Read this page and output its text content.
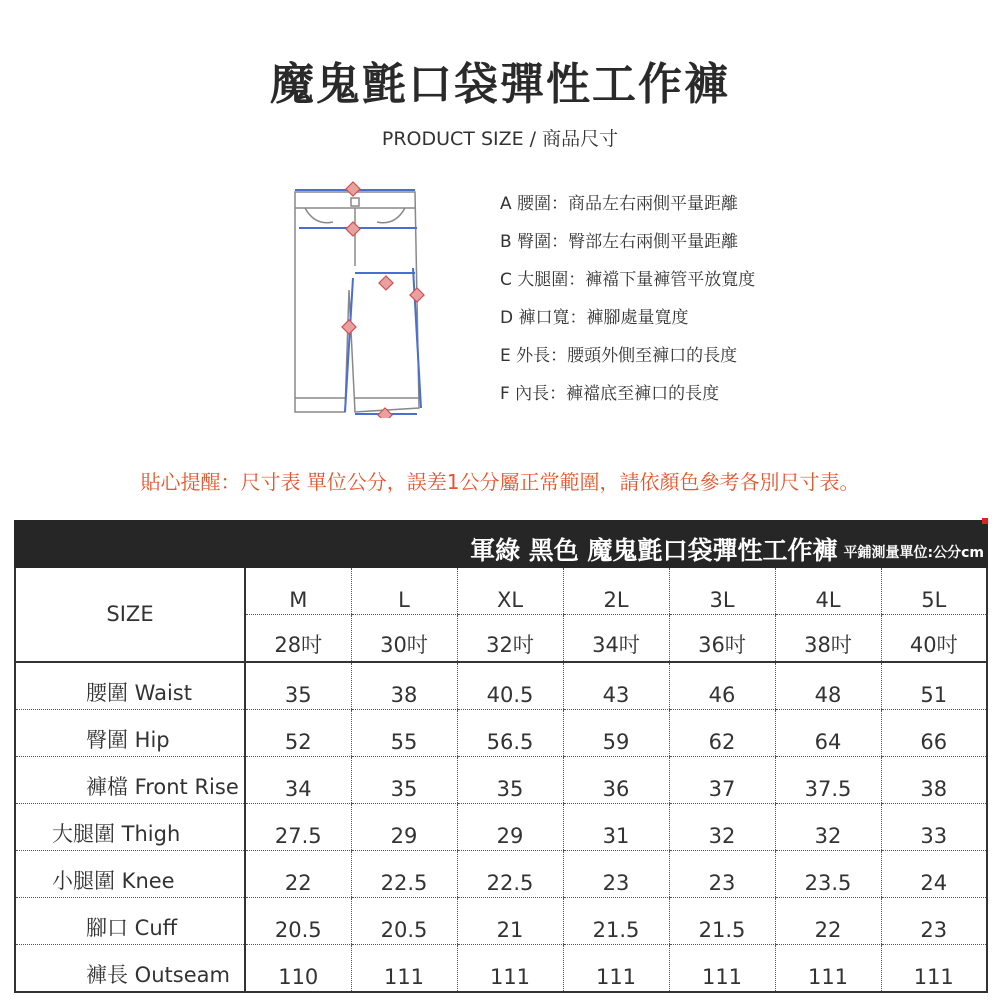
魔鬼氈口袋彈性工作褲
PRODUCT SIZE / 商品尺寸
A 腰圍：商品左右兩側平量距離
B 臀圍：臀部左右兩側平量距離
C 大腿圍：褲襠下量褲管平放寬度
D 褲口寬：褲腳處量寬度
E 外長：腰頭外側至褲口的長度
F 內長：褲襠底至褲口的長度
貼心提醒：尺寸表 單位公分，誤差1公分屬正常範圍，請依顏色參考各別尺寸表。
軍綠 黑色 魔鬼氈口袋彈性工作褲 平鋪測量單位:公分cm
SIZE	M	L	XL	2L	3L	4L	5L
	28吋	30吋	32吋	34吋	36吋	38吋	40吋
腰圍 Waist	35	38	40.5	43	46	48	51
臀圍 Hip	52	55	56.5	59	62	64	66
褲檔 Front Rise	34	35	35	36	37	37.5	38
大腿圍 Thigh	27.5	29	29	31	32	32	33
小腿圍 Knee	22	22.5	22.5	23	23	23.5	24
腳口 Cuff	20.5	20.5	21	21.5	21.5	22	23
褲長 Outseam	110	111	111	111	111	111	111
